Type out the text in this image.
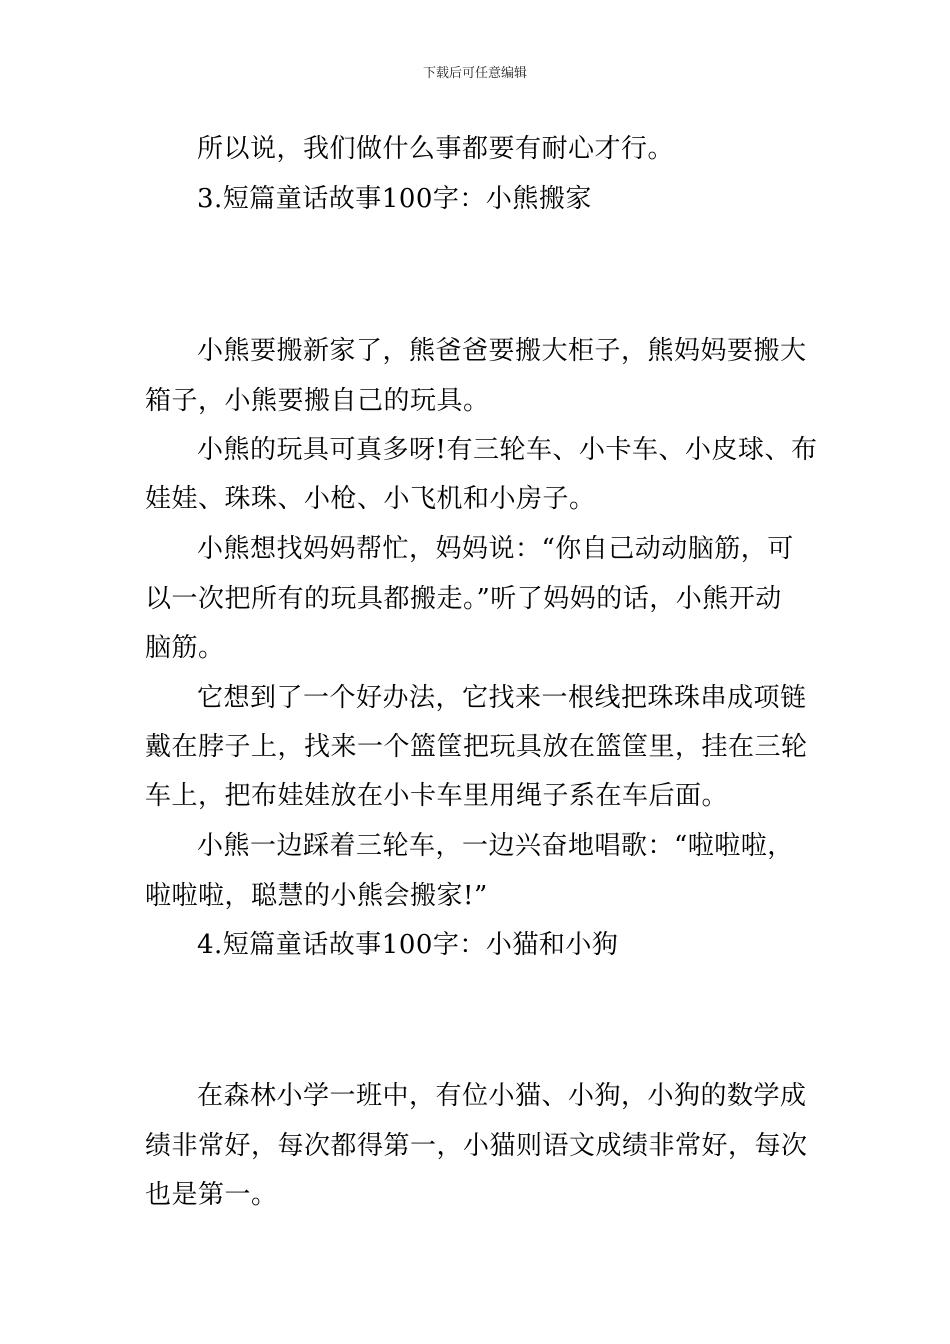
下载后可任意编辑
所以说，我们做什么事都要有耐心才行。
3.短篇童话故事100字：小熊搬家
小熊要搬新家了，熊爸爸要搬大柜子，熊妈妈要搬大
箱子，小熊要搬自己的玩具。
小熊的玩具可真多呀!有三轮车、小卡车、小皮球、布
娃娃、珠珠、小枪、小飞机和小房子。
小熊想找妈妈帮忙，妈妈说：“你自己动动脑筋，可
以一次把所有的玩具都搬走。”听了妈妈的话，小熊开动
脑筋。
它想到了一个好办法，它找来一根线把珠珠串成项链
戴在脖子上，找来一个篮筐把玩具放在篮筐里，挂在三轮
车上，把布娃娃放在小卡车里用绳子系在车后面。
小熊一边踩着三轮车，一边兴奋地唱歌：“啦啦啦，
啦啦啦，聪慧的小熊会搬家!”
4.短篇童话故事100字：小猫和小狗
在森林小学一班中，有位小猫、小狗，小狗的数学成
绩非常好，每次都得第一，小猫则语文成绩非常好，每次
也是第一。
